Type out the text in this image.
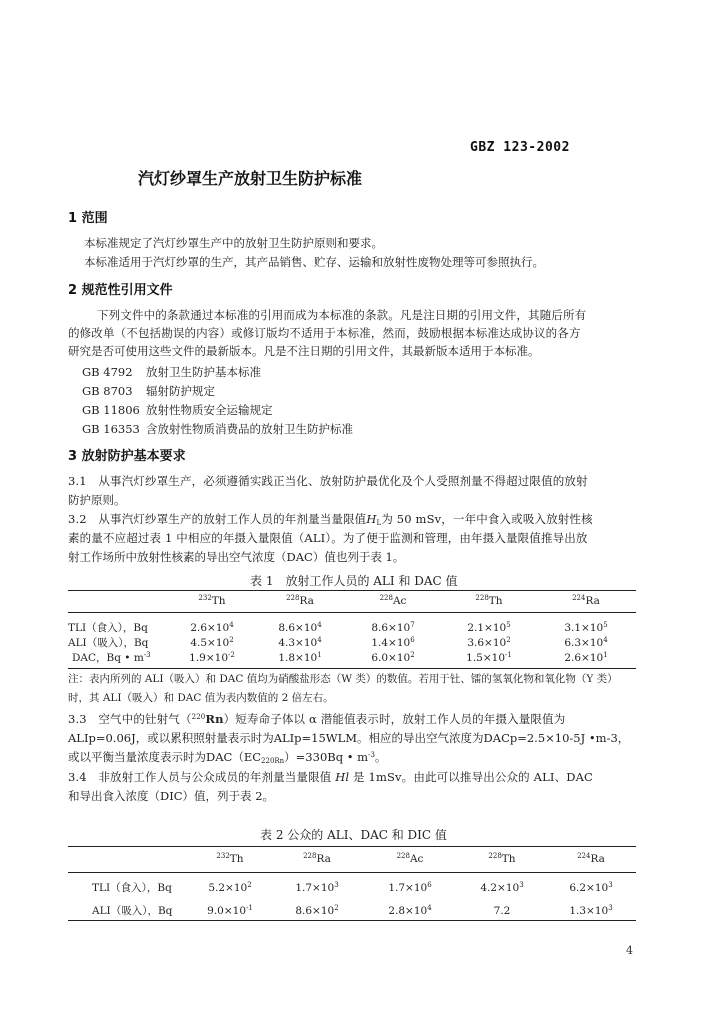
GBZ 123-2002
汽灯纱罩生产放射卫生防护标准
1 范围
本标准规定了汽灯纱罩生产中的放射卫生防护原则和要求。
本标准适用于汽灯纱罩的生产，其产品销售、贮存、运输和放射性废物处理等可参照执行。
2 规范性引用文件
下列文件中的条款通过本标准的引用而成为本标准的条款。凡是注日期的引用文件，其随后所有
的修改单（不包括勘误的内容）或修订版均不适用于本标准，然而，鼓励根据本标准达成协议的各方
研究是否可使用这些文件的最新版本。凡是不注日期的引用文件，其最新版本适用于本标准。
GB 4792 放射卫生防护基本标准
GB 8703 辐射防护规定
GB 11806 放射性物质安全运输规定
GB 16353 含放射性物质消费品的放射卫生防护标准
3 放射防护基本要求
3.1　从事汽灯纱罩生产，必须遵循实践正当化、放射防护最优化及个人受照剂量不得超过限值的放射
防护原则。
3.2　从事汽灯纱罩生产的放射工作人员的年剂量当量限值$H_L$为 50 mSv，一年中食入或吸入放射性核
素的量不应超过表 1 中相应的年摄入量限值（ALI）。为了便于监测和管理，由年摄入量限值推导出放
射工作场所中放射性核素的导出空气浓度（DAC）值也列于表 1。
表 1　放射工作人员的 ALI 和 DAC 值
	$^{232}$Th	$^{228}$Ra	$^{228}$Ac	$^{228}$Th	$^{224}$Ra
TLI（食入），Bq	$2.6\times 10^4$	$8.6\times 10^4$	$8.6\times 10^7$	$2.1\times 10^5$	$3.1\times 10^5$
ALI（吸入），Bq	$4.5\times 10^2$	$4.3\times 10^4$	$1.4\times 10^6$	$3.6\times 10^2$	$6.3\times 10^4$
DAC，Bq • $m^{-3}$	$1.9\times 10^{-2}$	$1.8\times 10^1$	$6.0\times 10^2$	$1.5\times 10^{-1}$	$2.6\times 10^1$
注：表内所列的 ALI（吸入）和 DAC 值均为硝酸盐形态（W 类）的数值。若用于钍、镭的氢氧化物和氧化物（Y 类）
时，其 ALI（吸入）和 DAC 值为表内数值的 2 倍左右。
3.3　空气中的钍射气（$^{220}$Rn）短寿命子体以 α 潜能值表示时，放射工作人员的年摄入量限值为
ALIp=0.06J，或以累积照射量表示时为ALIp=15WLM。相应的导出空气浓度为DACp=2.5×10-5J •m-3，
或以平衡当量浓度表示时为$DAC(EC_{220Rn})=330Bq$ • $m^{-3}$。
3.4　非放射工作人员与公众成员的年剂量当量限值 Hl 是 1mSv。由此可以推导出公众的 ALI、DAC
和导出食入浓度（DIC）值，列于表 2。
表 2 公众的 ALI、DAC 和 DIC 值
	$^{232}$Th	$^{228}$Ra	$^{228}$Ac	$^{228}$Th	$^{224}$Ra
TLI（食入），Bq	$5.2\times 10^2$	$1.7\times 10^3$	$1.7\times 10^6$	$4.2\times 10^3$	$6.2\times 10^3$

ALI（吸入），Bq	$9.0\times 10^{-1}$	$8.6\times 10^2$	$2.8\times 10^4$	7.2	$1.3\times 10^3$
4
